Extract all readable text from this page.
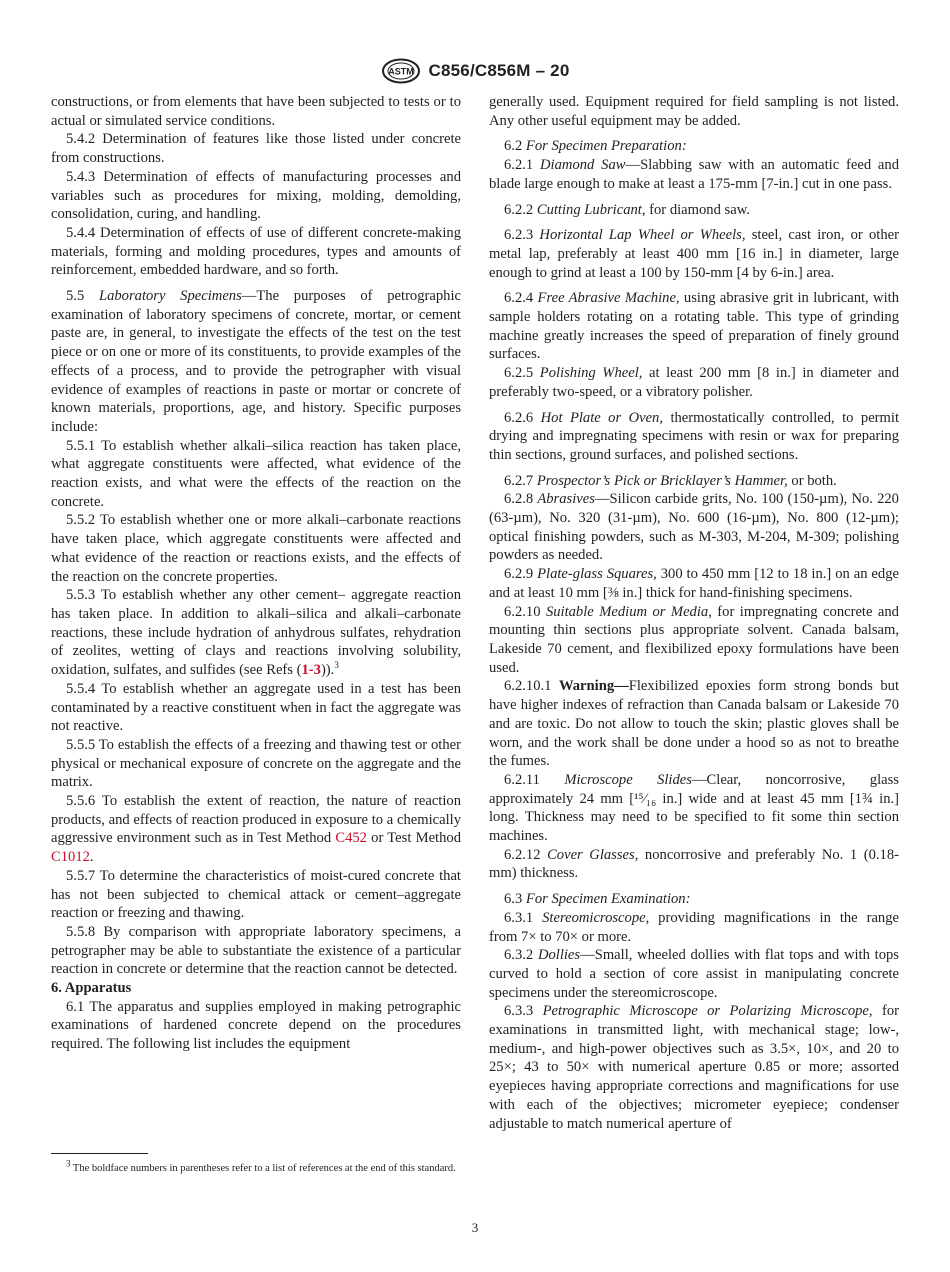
ASTM C856/C856M – 20

constructions, or from elements that have been subjected to tests or to actual or simulated service conditions.

5.4.2 Determination of features like those listed under concrete from constructions.

5.4.3 Determination of effects of manufacturing processes and variables such as procedures for mixing, molding, demolding, consolidation, curing, and handling.

5.4.4 Determination of effects of use of different concrete-making materials, forming and molding procedures, types and amounts of reinforcement, embedded hardware, and so forth.

5.5 Laboratory Specimens—The purposes of petrographic examination of laboratory specimens of concrete, mortar, or cement paste are, in general, to investigate the effects of the test on the test piece or on one or more of its constituents, to provide examples of the effects of a process, and to provide the petrographer with visual evidence of examples of reactions in paste or mortar or concrete of known materials, proportions, age, and history. Specific purposes include:

5.5.1 To establish whether alkali–silica reaction has taken place, what aggregate constituents were affected, what evidence of the reaction exists, and what were the effects of the reaction on the concrete.

5.5.2 To establish whether one or more alkali–carbonate reactions have taken place, which aggregate constituents were affected and what evidence of the reaction or reactions exists, and the effects of the reaction on the concrete properties.

5.5.3 To establish whether any other cement– aggregate reaction has taken place. In addition to alkali–silica and alkali–carbonate reactions, these include hydration of anhydrous sulfates, rehydration of zeolites, wetting of clays and reactions involving solubility, oxidation, sulfates, and sulfides (see Refs (1-3)).$^3$

5.5.4 To establish whether an aggregate used in a test has been contaminated by a reactive constituent when in fact the aggregate was not reactive.

5.5.5 To establish the effects of a freezing and thawing test or other physical or mechanical exposure of concrete on the aggregate and the matrix.

5.5.6 To establish the extent of reaction, the nature of reaction products, and effects of reaction produced in exposure to a chemically aggressive environment such as in Test Method C452 or Test Method C1012.

5.5.7 To determine the characteristics of moist-cured concrete that has not been subjected to chemical attack or cement–aggregate reaction or freezing and thawing.

5.5.8 By comparison with appropriate laboratory specimens, a petrographer may be able to substantiate the existence of a particular reaction in concrete or determine that the reaction cannot be detected.

6. Apparatus

6.1 The apparatus and supplies employed in making petrographic examinations of hardened concrete depend on the procedures required. The following list includes the equipment

generally used. Equipment required for field sampling is not listed. Any other useful equipment may be added.

6.2 For Specimen Preparation:

6.2.1 Diamond Saw—Slabbing saw with an automatic feed and blade large enough to make at least a 175-mm [7-in.] cut in one pass.

6.2.2 Cutting Lubricant, for diamond saw.

6.2.3 Horizontal Lap Wheel or Wheels, steel, cast iron, or other metal lap, preferably at least 400 mm [16 in.] in diameter, large enough to grind at least a 100 by 150-mm [4 by 6-in.] area.

6.2.4 Free Abrasive Machine, using abrasive grit in lubricant, with sample holders rotating on a rotating table. This type of grinding machine greatly increases the speed of preparation of finely ground surfaces.

6.2.5 Polishing Wheel, at least 200 mm [8 in.] in diameter and preferably two-speed, or a vibratory polisher.

6.2.6 Hot Plate or Oven, thermostatically controlled, to permit drying and impregnating specimens with resin or wax for preparing thin sections, ground surfaces, and polished sections.

6.2.7 Prospector’s Pick or Bricklayer’s Hammer, or both.

6.2.8 Abrasives—Silicon carbide grits, No. 100 (150-µm), No. 220 (63-µm), No. 320 (31-µm), No. 600 (16-µm), No. 800 (12-µm); optical finishing powders, such as M-303, M-204, M-309; polishing powders as needed.

6.2.9 Plate-glass Squares, 300 to 450 mm [12 to 18 in.] on an edge and at least 10 mm [⅜ in.] thick for hand-finishing specimens.

6.2.10 Suitable Medium or Media, for impregnating concrete and mounting thin sections plus appropriate solvent. Canada balsam, Lakeside 70 cement, and flexibilized epoxy formulations have been used.

6.2.10.1 Warning—Flexibilized epoxies form strong bonds but have higher indexes of refraction than Canada balsam or Lakeside 70 and are toxic. Do not allow to touch the skin; plastic gloves shall be worn, and the work shall be done under a hood so as not to breathe the fumes.

6.2.11 Microscope Slides—Clear, noncorrosive, glass approximately 24 mm [¹⁵⁄₁₆ in.] wide and at least 45 mm [1¾ in.] long. Thickness may need to be specified to fit some thin section machines.

6.2.12 Cover Glasses, noncorrosive and preferably No. 1 (0.18-mm) thickness.

6.3 For Specimen Examination:

6.3.1 Stereomicroscope, providing magnifications in the range from 7× to 70× or more.

6.3.2 Dollies—Small, wheeled dollies with flat tops and with tops curved to hold a section of core assist in manipulating concrete specimens under the stereomicroscope.

6.3.3 Petrographic Microscope or Polarizing Microscope, for examinations in transmitted light, with mechanical stage; low-, medium-, and high-power objectives such as 3.5×, 10×, and 20 to 25×; 43 to 50× with numerical aperture 0.85 or more; assorted eyepieces having appropriate corrections and magnifications for use with each of the objectives; micrometer eyepiece; condenser adjustable to match numerical aperture of

$^3$ The boldface numbers in parentheses refer to a list of references at the end of this standard.
3
